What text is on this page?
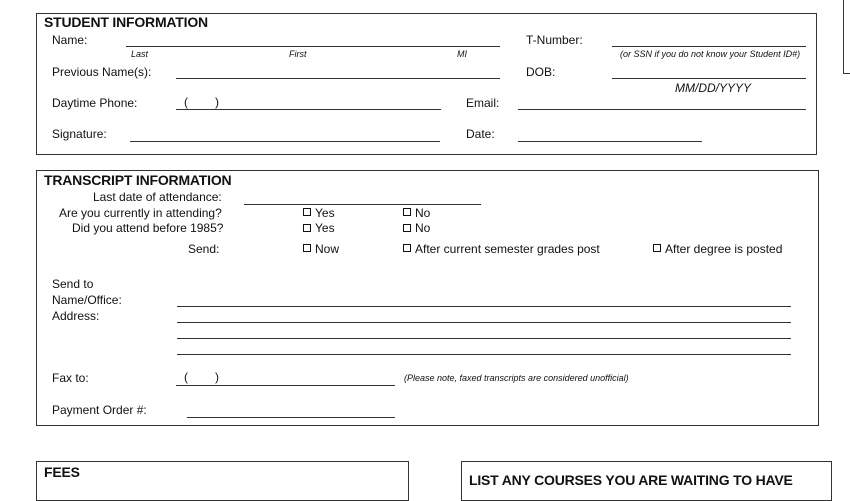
STUDENT INFORMATION
Name:
Last	First	MI
T-Number:
(or SSN if you do not know your Student ID#)
Previous Name(s):	DOB:
MM/DD/YYYY
Daytime Phone:	( )	Email:
Signature:	Date:
TRANSCRIPT INFORMATION
Last date of attendance:
Are you currently in attending?	Yes	No
Did you attend before 1985?	Yes	No
Send:	Now	After current semester grades post	After degree is posted
Send to
Name/Office:
Address:
Fax to:	( )	(Please note, faxed transcripts are considered unofficial)
Payment Order #:
FEES	LIST ANY COURSES YOU ARE WAITING TO HAVE
